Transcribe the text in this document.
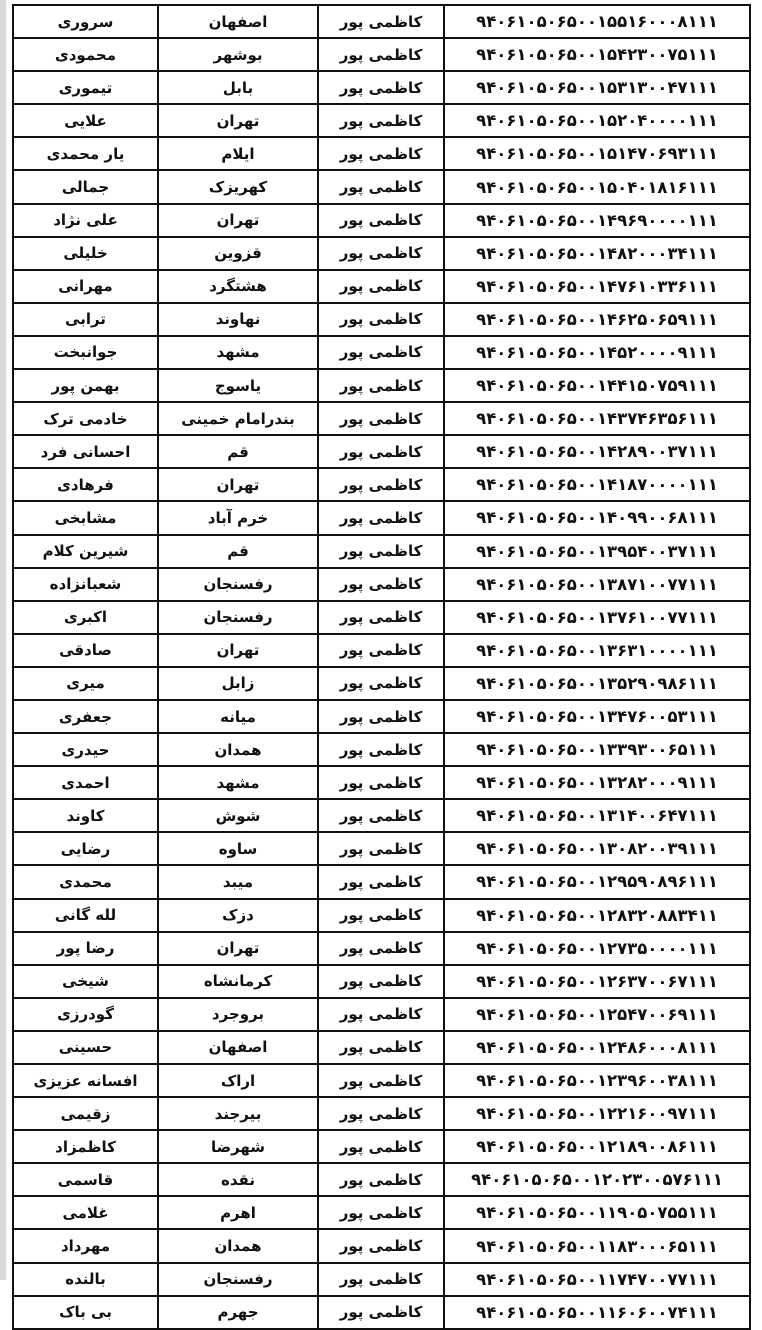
سروری	اصفهان	کاظمی پور	۹۴۰۶۱۰۵۰۶۵۰۰۱۵۵۱۶۰۰۰۸۱۱۱
محمودی	بوشهر	کاظمی پور	۹۴۰۶۱۰۵۰۶۵۰۰۱۵۴۲۳۰۰۷۵۱۱۱
تیموری	بابل	کاظمی پور	۹۴۰۶۱۰۵۰۶۵۰۰۱۵۳۱۳۰۰۴۷۱۱۱
علایی	تهران	کاظمی پور	۹۴۰۶۱۰۵۰۶۵۰۰۱۵۲۰۴۰۰۰۰۱۱۱
یار محمدی	ایلام	کاظمی پور	۹۴۰۶۱۰۵۰۶۵۰۰۱۵۱۴۷۰۶۹۳۱۱۱
جمالی	کهریزک	کاظمی پور	۹۴۰۶۱۰۵۰۶۵۰۰۱۵۰۴۰۱۸۱۶۱۱۱
علی نژاد	تهران	کاظمی پور	۹۴۰۶۱۰۵۰۶۵۰۰۱۴۹۶۹۰۰۰۰۱۱۱
خلیلی	قزوین	کاظمی پور	۹۴۰۶۱۰۵۰۶۵۰۰۱۴۸۲۰۰۰۳۴۱۱۱
مهرانی	هشتگرد	کاظمی پور	۹۴۰۶۱۰۵۰۶۵۰۰۱۴۷۶۱۰۳۳۶۱۱۱
ترابی	نهاوند	کاظمی پور	۹۴۰۶۱۰۵۰۶۵۰۰۱۴۶۲۵۰۶۵۹۱۱۱
جوانبخت	مشهد	کاظمی پور	۹۴۰۶۱۰۵۰۶۵۰۰۱۴۵۲۰۰۰۰۹۱۱۱
بهمن پور	یاسوج	کاظمی پور	۹۴۰۶۱۰۵۰۶۵۰۰۱۴۴۱۵۰۷۵۹۱۱۱
خادمی ترک	بندرامام خمینی	کاظمی پور	۹۴۰۶۱۰۵۰۶۵۰۰۱۴۳۷۴۶۳۵۶۱۱۱
احسانی فرد	قم	کاظمی پور	۹۴۰۶۱۰۵۰۶۵۰۰۱۴۲۸۹۰۰۳۷۱۱۱
فرهادی	تهران	کاظمی پور	۹۴۰۶۱۰۵۰۶۵۰۰۱۴۱۸۷۰۰۰۰۱۱۱
مشابخی	خرم آباد	کاظمی پور	۹۴۰۶۱۰۵۰۶۵۰۰۱۴۰۹۹۰۰۶۸۱۱۱
شیرین کلام	قم	کاظمی پور	۹۴۰۶۱۰۵۰۶۵۰۰۱۳۹۵۴۰۰۳۷۱۱۱
شعبانزاده	رفسنجان	کاظمی پور	۹۴۰۶۱۰۵۰۶۵۰۰۱۳۸۷۱۰۰۷۷۱۱۱
اکبری	رفسنجان	کاظمی پور	۹۴۰۶۱۰۵۰۶۵۰۰۱۳۷۶۱۰۰۷۷۱۱۱
صادقی	تهران	کاظمی پور	۹۴۰۶۱۰۵۰۶۵۰۰۱۳۶۳۱۰۰۰۰۱۱۱
میری	زابل	کاظمی پور	۹۴۰۶۱۰۵۰۶۵۰۰۱۳۵۲۹۰۹۸۶۱۱۱
جعفری	میانه	کاظمی پور	۹۴۰۶۱۰۵۰۶۵۰۰۱۳۴۷۶۰۰۵۳۱۱۱
حیدری	همدان	کاظمی پور	۹۴۰۶۱۰۵۰۶۵۰۰۱۳۳۹۳۰۰۶۵۱۱۱
احمدی	مشهد	کاظمی پور	۹۴۰۶۱۰۵۰۶۵۰۰۱۳۲۸۲۰۰۰۹۱۱۱
کاوند	شوش	کاظمی پور	۹۴۰۶۱۰۵۰۶۵۰۰۱۳۱۴۰۰۶۴۷۱۱۱
رضایی	ساوه	کاظمی پور	۹۴۰۶۱۰۵۰۶۵۰۰۱۳۰۸۲۰۰۳۹۱۱۱
محمدی	میبد	کاظمی پور	۹۴۰۶۱۰۵۰۶۵۰۰۱۲۹۵۹۰۸۹۶۱۱۱
لله گانی	دزک	کاظمی پور	۹۴۰۶۱۰۵۰۶۵۰۰۱۲۸۳۲۰۸۸۳۴۱۱
رضا پور	تهران	کاظمی پور	۹۴۰۶۱۰۵۰۶۵۰۰۱۲۷۳۵۰۰۰۰۱۱۱
شیخی	کرمانشاه	کاظمی پور	۹۴۰۶۱۰۵۰۶۵۰۰۱۲۶۳۷۰۰۶۷۱۱۱
گودرزی	بروجرد	کاظمی پور	۹۴۰۶۱۰۵۰۶۵۰۰۱۲۵۴۷۰۰۶۹۱۱۱
حسینی	اصفهان	کاظمی پور	۹۴۰۶۱۰۵۰۶۵۰۰۱۲۴۸۶۰۰۰۸۱۱۱
افسانه عزیزی	اراک	کاظمی پور	۹۴۰۶۱۰۵۰۶۵۰۰۱۲۳۹۶۰۰۳۸۱۱۱
زقیمی	بیرجند	کاظمی پور	۹۴۰۶۱۰۵۰۶۵۰۰۱۲۲۱۶۰۰۹۷۱۱۱
کاظمزاد	شهرضا	کاظمی پور	۹۴۰۶۱۰۵۰۶۵۰۰۱۲۱۸۹۰۰۸۶۱۱۱
قاسمی	نقده	کاظمی پور	۹۴۰۶۱۰۵۰۶۵۰۰۱۲۰۲۳۰۰۵۷۶۱۱۱
غلامی	اهرم	کاظمی پور	۹۴۰۶۱۰۵۰۶۵۰۰۱۱۹۰۵۰۷۵۵۱۱۱
مهرداد	همدان	کاظمی پور	۹۴۰۶۱۰۵۰۶۵۰۰۱۱۸۳۰۰۰۶۵۱۱۱
بالنده	رفسنجان	کاظمی پور	۹۴۰۶۱۰۵۰۶۵۰۰۱۱۷۴۷۰۰۷۷۱۱۱
بی باک	جهرم	کاظمی پور	۹۴۰۶۱۰۵۰۶۵۰۰۱۱۶۰۶۰۰۷۴۱۱۱
